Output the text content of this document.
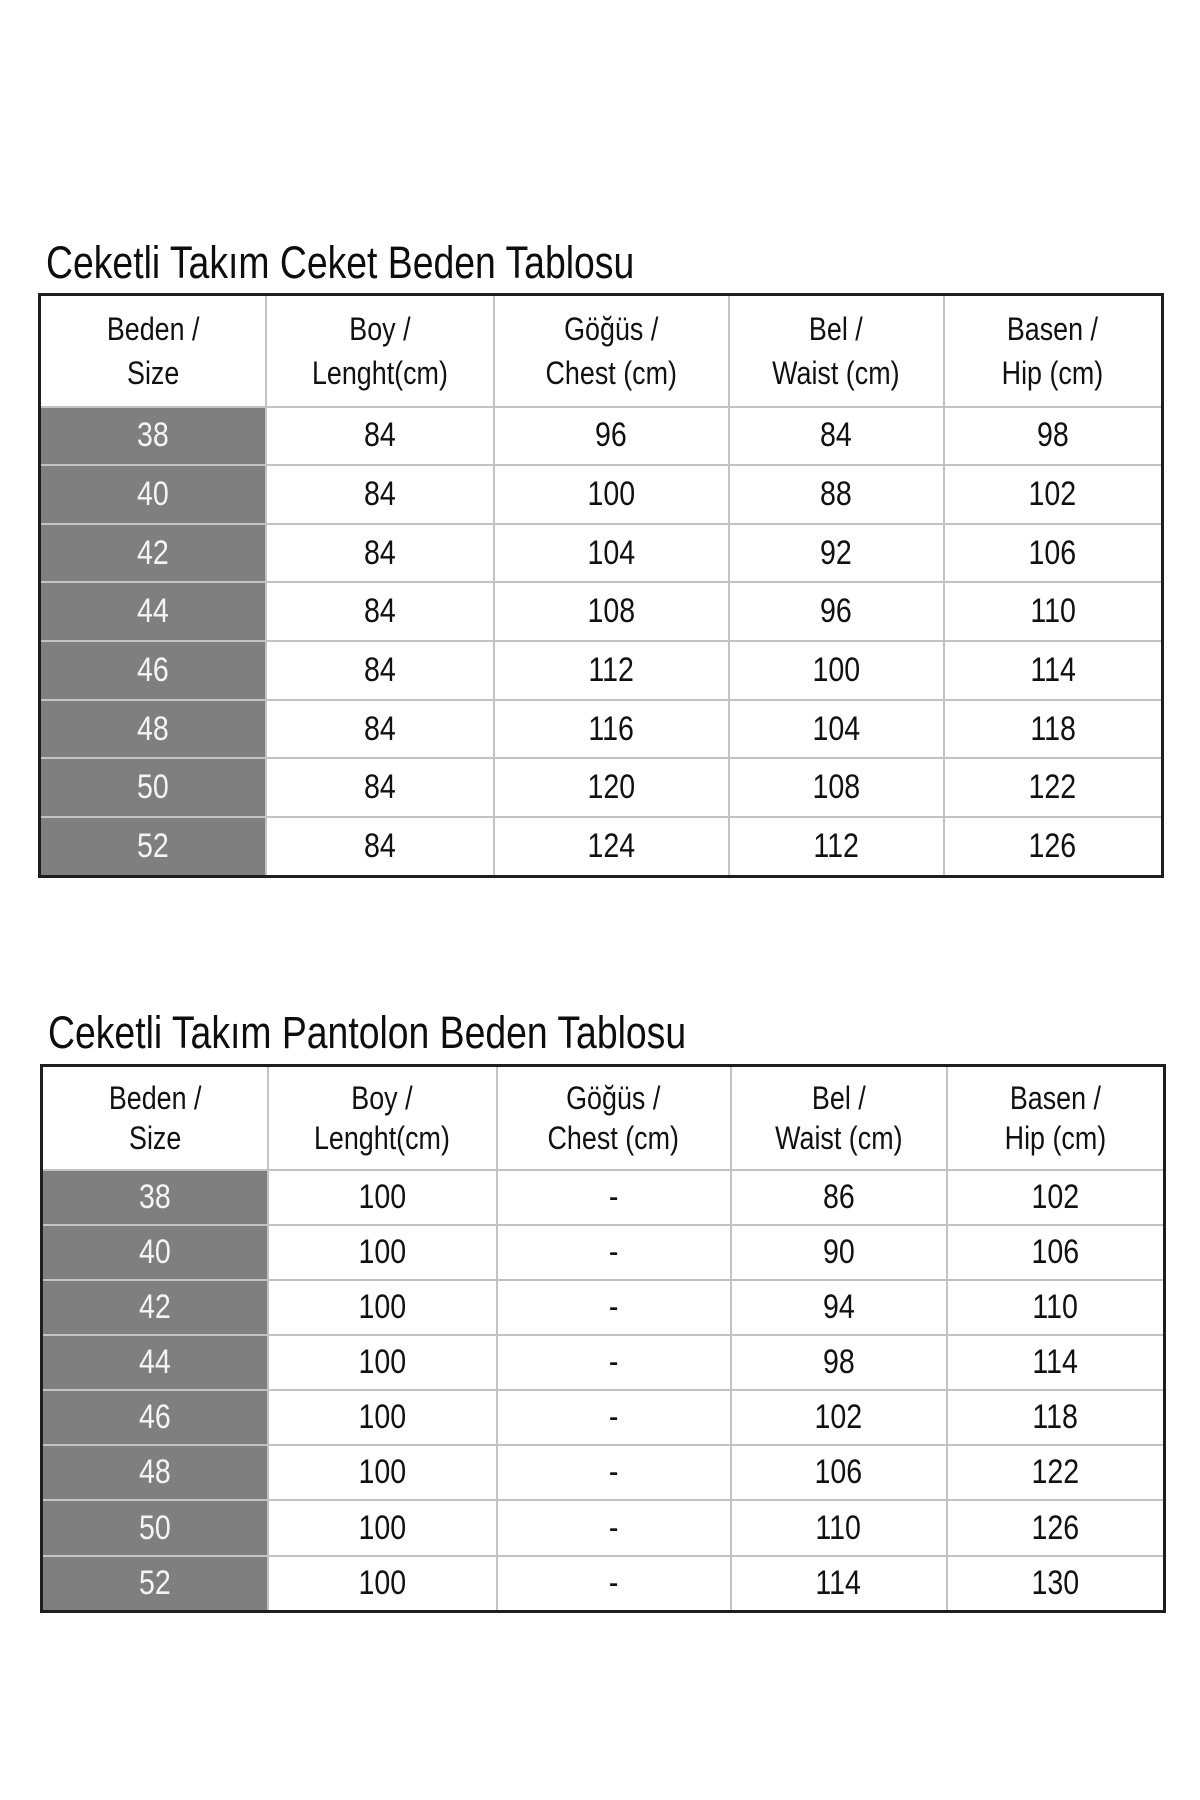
Ceketli Takım Ceket Beden Tablosu
Beden /
Size	Boy /
Lenght(cm)	Göğüs /
Chest (cm)	Bel /
Waist (cm)	Basen /
Hip (cm)

38	84	96	84	98
40	84	100	88	102
42	84	104	92	106
44	84	108	96	110
46	84	112	100	114
48	84	116	104	118
50	84	120	108	122
52	84	124	112	126
Ceketli Takım Pantolon Beden Tablosu
Beden /
Size	Boy /
Lenght(cm)	Göğüs /
Chest (cm)	Bel /
Waist (cm)	Basen /
Hip (cm)

38	100	-	86	102
40	100	-	90	106
42	100	-	94	110
44	100	-	98	114
46	100	-	102	118
48	100	-	106	122
50	100	-	110	126
52	100	-	114	130
